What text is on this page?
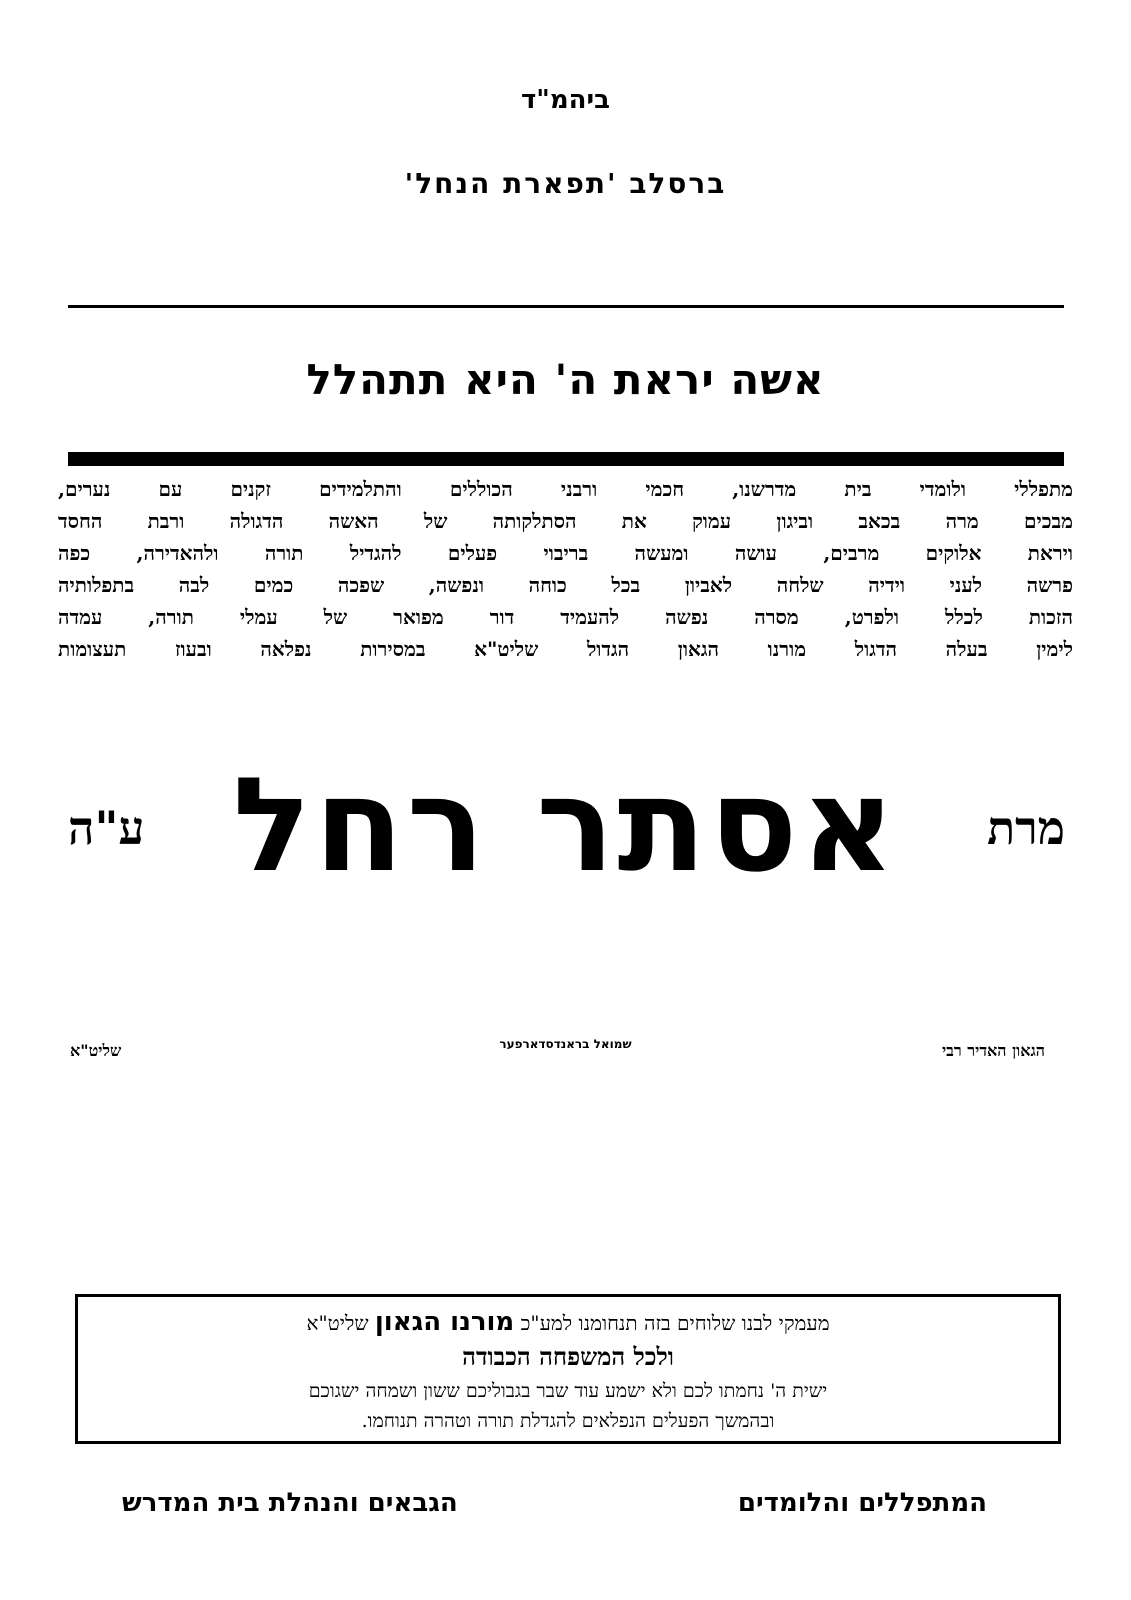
ביהמ"ד
ברסלב 'תפארת הנחל'
אשה יראת ה' היא תתהלל
מתפללי ולומדי בית מדרשנו, חכמי ורבני הכוללים והתלמידים זקנים עם נערים,
מבכים מרה בכאב וביגון עמוק את הסתלקותה של האשה הדגולה ורבת החסד
ויראת אלוקים מרבים, עושה ומעשה בריבוי פעלים להגדיל תורה ולהאדירה, כפה
פרשה לעני וידיה שלחה לאביון בכל כוחה ונפשה, שפכה כמים לבה בתפלותיה
הזכות לכלל ולפרט, מסרה נפשה להעמיד דור מפואר של עמלי תורה, עמדה
לימין בעלה הדגול מורנו הגאון הגדול שליט"א במסירות נפלאה ובעוז תעצומות
מרת
אסתר רחל
ע"ה
הגאון האדיר רבי
שמואל בראנדסדארפער
שליט"א
מעמקי לבנו שלוחים בזה תנחומנו למע"כ מורנו הגאון שליט"א
ולכל המשפחה הכבודה
ישית ה' נחמתו לכם ולא ישמע עוד שבר בגבוליכם ששון ושמחה ישגוכם
ובהמשך הפעלים הנפלאים להגדלת תורה וטהרה תנוחמו.
המתפללים והלומדים
הגבאים והנהלת בית המדרש
